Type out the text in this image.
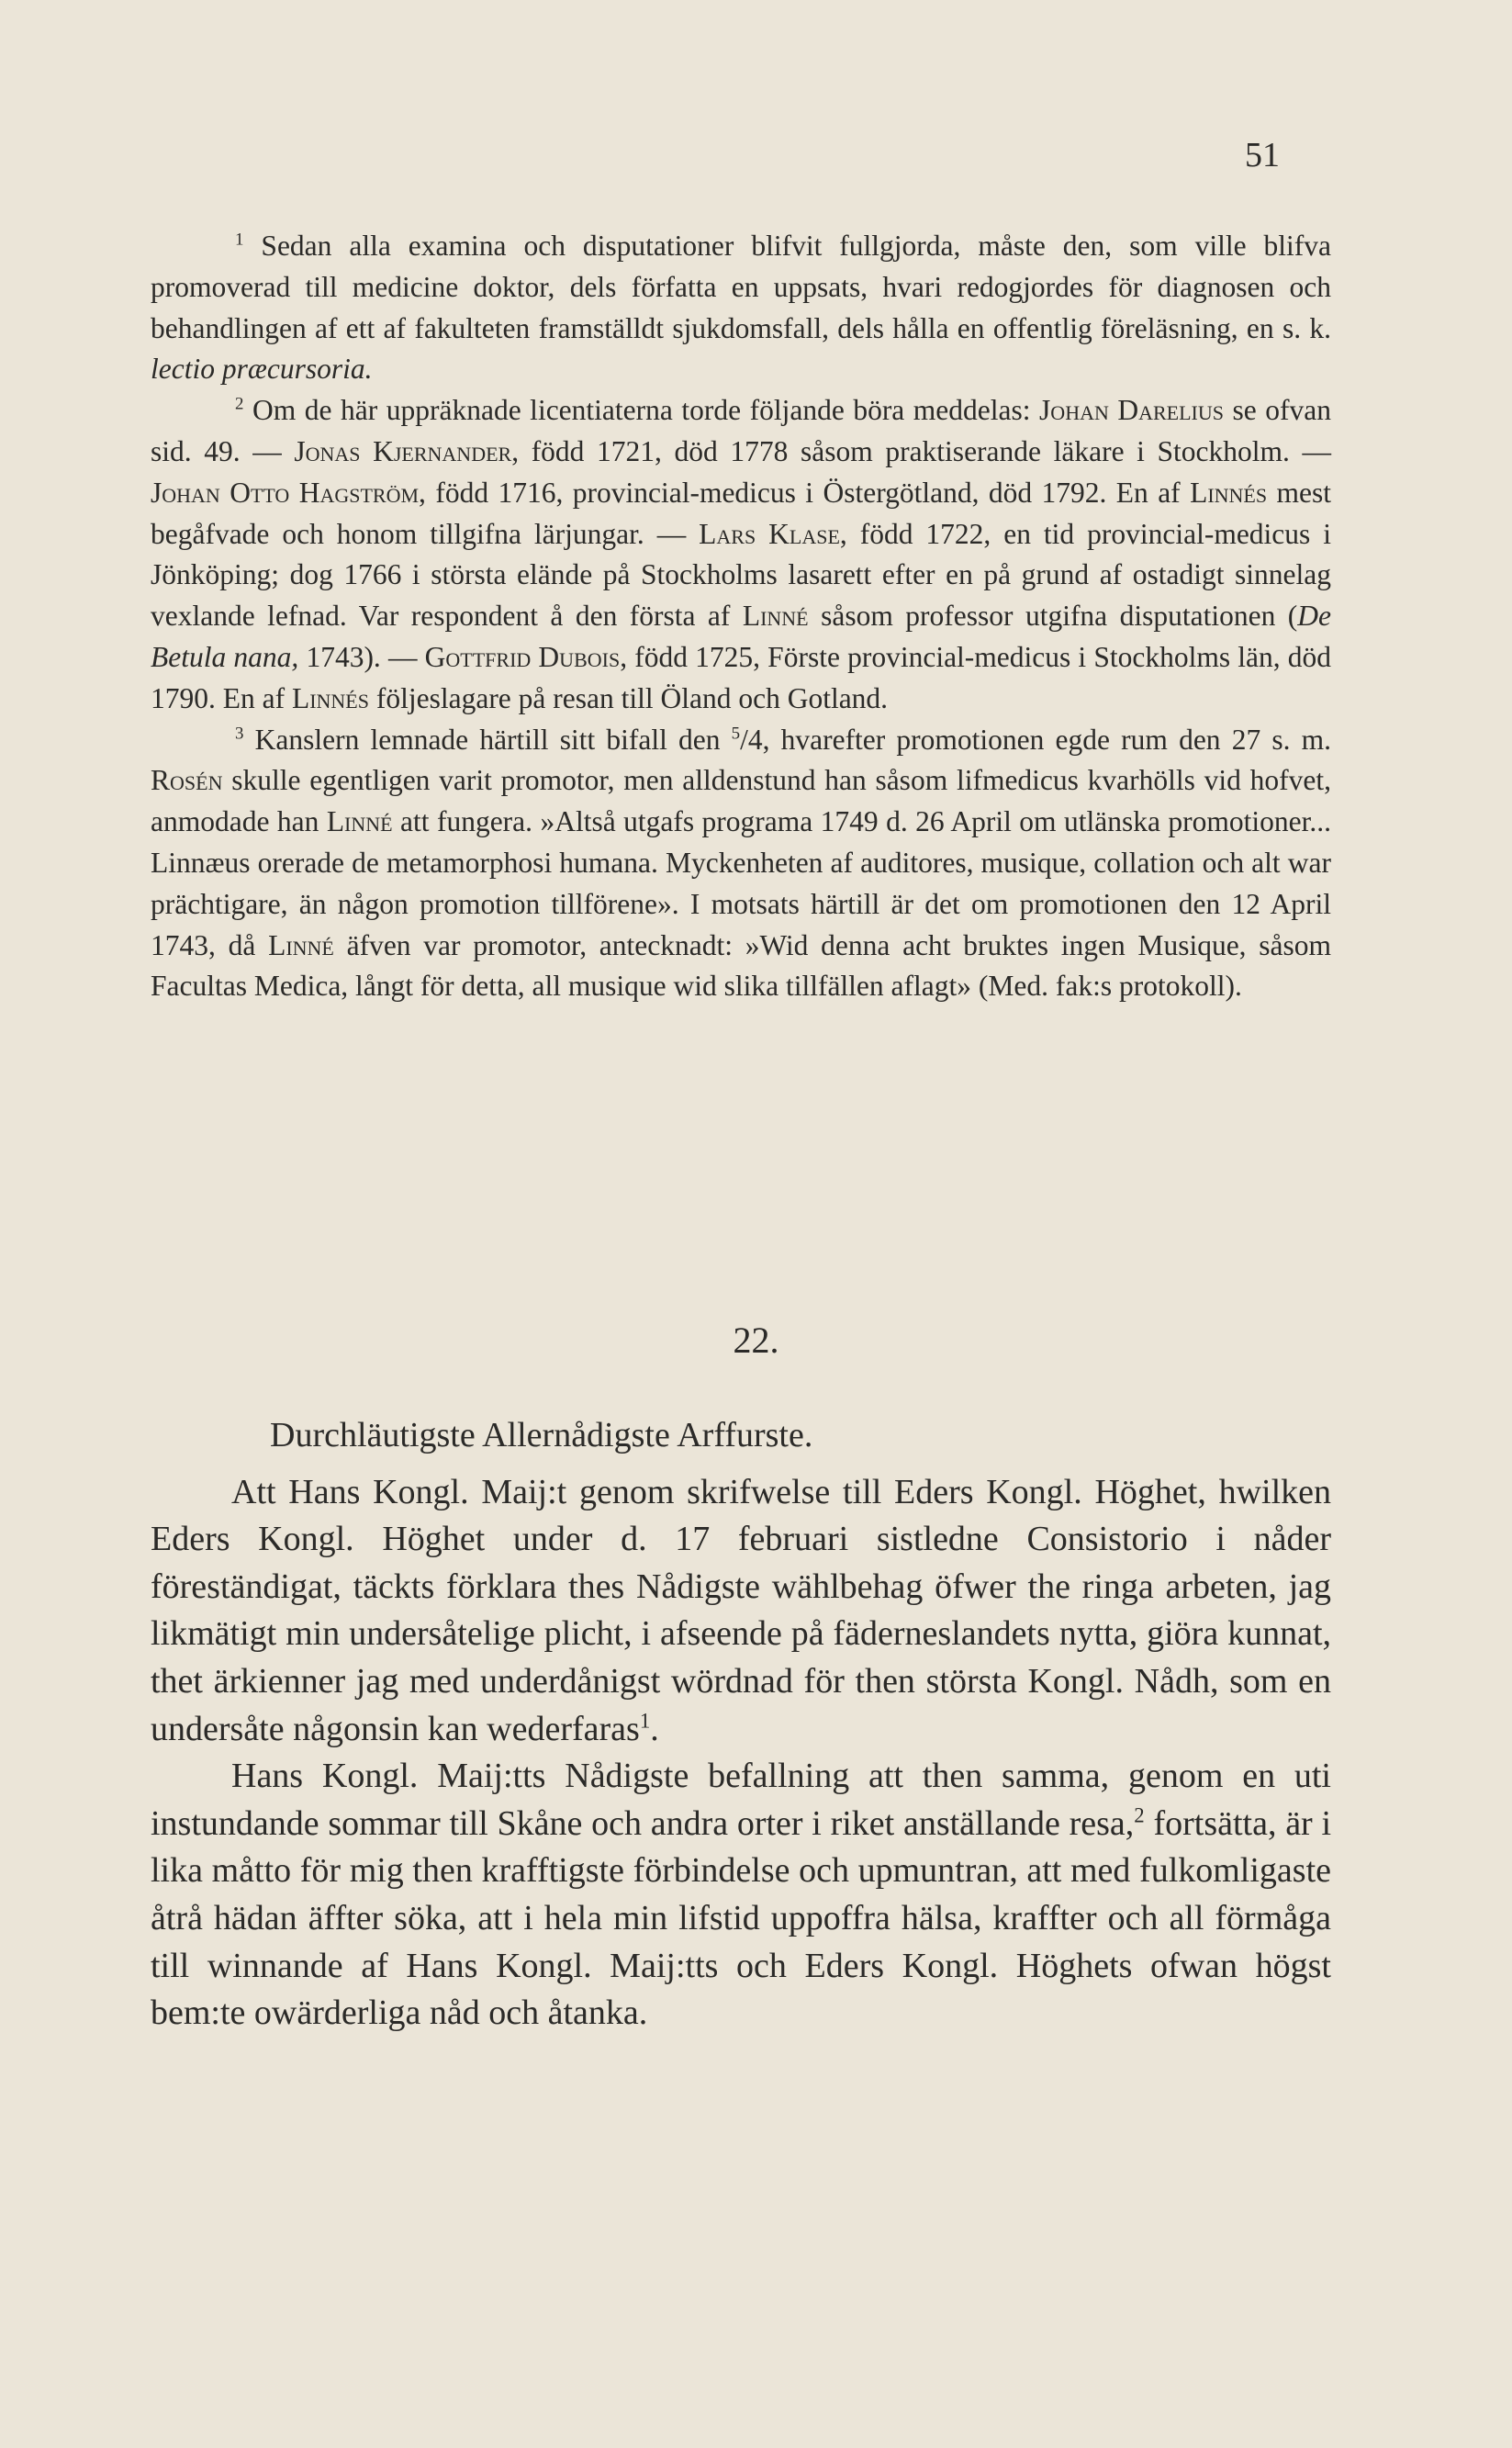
51

$^1$ Sedan alla examina och disputationer blifvit fullgjorda, måste den, som ville blifva promoverad till medicine doktor, dels författa en uppsats, hvari redogjordes för diagnosen och behandlingen af ett af fakulteten framställdt sjukdomsfall, dels hålla en offentlig föreläsning, en s. k. lectio præcursoria.

$^2$ Om de här uppräknade licentiaterna torde följande böra meddelas: Johan Darelius se ofvan sid. 49. — Jonas Kjernander, född 1721, död 1778 såsom praktiserande läkare i Stockholm. — Johan Otto Hagström, född 1716, provincial-medicus i Östergötland, död 1792. En af Linnés mest begåfvade och honom tillgifna lärjungar. — Lars Klase, född 1722, en tid provincial-medicus i Jönköping; dog 1766 i största elände på Stockholms lasarett efter en på grund af ostadigt sinnelag vexlande lefnad. Var respondent å den första af Linné såsom professor utgifna disputationen (De Betula nana, 1743). — Gottfrid Dubois, född 1725, Förste provincial-medicus i Stockholms län, död 1790. En af Linnés följeslagare på resan till Öland och Gotland.

$^3$ Kanslern lemnade härtill sitt bifall den $^5$/4, hvarefter promotionen egde rum den 27 s. m. Rosén skulle egentligen varit promotor, men alldenstund han såsom lifmedicus kvarhölls vid hofvet, anmodade han Linné att fungera. »Altså utgafs programa 1749 d. 26 April om utlänska promotioner... Linnæus orerade de metamorphosi humana. Myckenheten af auditores, musique, collation och alt war prächtigare, än någon promotion tillförene». I motsats härtill är det om promotionen den 12 April 1743, då Linné äfven var promotor, antecknadt: »Wid denna acht bruktes ingen Musique, såsom Facultas Medica, långt för detta, all musique wid slika tillfällen aflagt» (Med. fak:s protokoll).

22.
Durchläutigste Allernådigste Arffurste.

Att Hans Kongl. Maij:t genom skrifwelse till Eders Kongl. Höghet, hwilken Eders Kongl. Höghet under d. 17 februari sistledne Consistorio i nåder föreständigat, täckts förklara thes Nådigste wählbehag öfwer the ringa arbeten, jag likmätigt min undersåtelige plicht, i afseende på fäderneslandets nytta, giöra kunnat, thet ärkienner jag med underdånigst wördnad för then största Kongl. Nådh, som en undersåte någonsin kan wederfaras$^1$.

Hans Kongl. Maij:tts Nådigste befallning att then samma, genom en uti instundande sommar till Skåne och andra orter i riket anställande resa,$^2$ fortsätta, är i lika måtto för mig then krafftigste förbindelse och upmuntran, att med fulkomligaste åtrå hädan äffter söka, att i hela min lifstid uppoffra hälsa, kraffter och all förmåga till winnande af Hans Kongl. Maij:tts och Eders Kongl. Höghets ofwan högst bem:te owärderliga nåd och åtanka.
